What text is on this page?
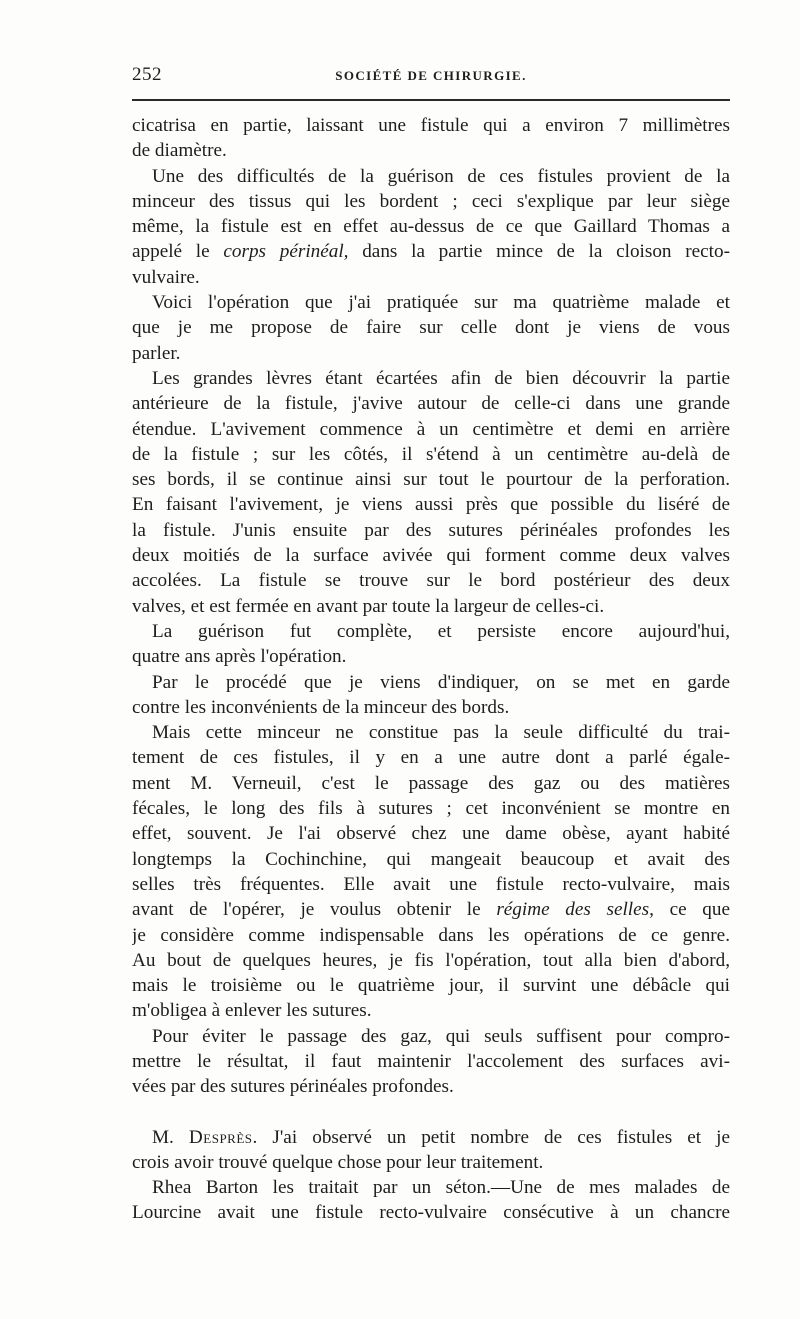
252	SOCIÉTÉ DE CHIRURGIE.
cicatrisa en partie, laissant une fistule qui a environ 7 millimètres
de diamètre.
Une des difficultés de la guérison de ces fistules provient de la
minceur des tissus qui les bordent ; ceci s'explique par leur siège
même, la fistule est en effet au-dessus de ce que Gaillard Thomas a
appelé le corps périnéal, dans la partie mince de la cloison recto-
vulvaire.
Voici l'opération que j'ai pratiquée sur ma quatrième malade et
que je me propose de faire sur celle dont je viens de vous
parler.
Les grandes lèvres étant écartées afin de bien découvrir la partie
antérieure de la fistule, j'avive autour de celle-ci dans une grande
étendue. L'avivement commence à un centimètre et demi en arrière
de la fistule ; sur les côtés, il s'étend à un centimètre au-delà de
ses bords, il se continue ainsi sur tout le pourtour de la perforation.
En faisant l'avivement, je viens aussi près que possible du liséré de
la fistule. J'unis ensuite par des sutures périnéales profondes les
deux moitiés de la surface avivée qui forment comme deux valves
accolées. La fistule se trouve sur le bord postérieur des deux
valves, et est fermée en avant par toute la largeur de celles-ci.
La guérison fut complète, et persiste encore aujourd'hui,
quatre ans après l'opération.
Par le procédé que je viens d'indiquer, on se met en garde
contre les inconvénients de la minceur des bords.
Mais cette minceur ne constitue pas la seule difficulté du trai-
tement de ces fistules, il y en a une autre dont a parlé égale-
ment M. Verneuil, c'est le passage des gaz ou des matières
fécales, le long des fils à sutures ; cet inconvénient se montre en
effet, souvent. Je l'ai observé chez une dame obèse, ayant habité
longtemps la Cochinchine, qui mangeait beaucoup et avait des
selles très fréquentes. Elle avait une fistule recto-vulvaire, mais
avant de l'opérer, je voulus obtenir le régime des selles, ce que
je considère comme indispensable dans les opérations de ce genre.
Au bout de quelques heures, je fis l'opération, tout alla bien d'abord,
mais le troisième ou le quatrième jour, il survint une débâcle qui
m'obligea à enlever les sutures.
Pour éviter le passage des gaz, qui seuls suffisent pour compro-
mettre le résultat, il faut maintenir l'accolement des surfaces avi-
vées par des sutures périnéales profondes.
M. Desprès. J'ai observé un petit nombre de ces fistules et je
crois avoir trouvé quelque chose pour leur traitement.
Rhea Barton les traitait par un séton.—Une de mes malades de
Lourcine avait une fistule recto-vulvaire consécutive à un chancre
